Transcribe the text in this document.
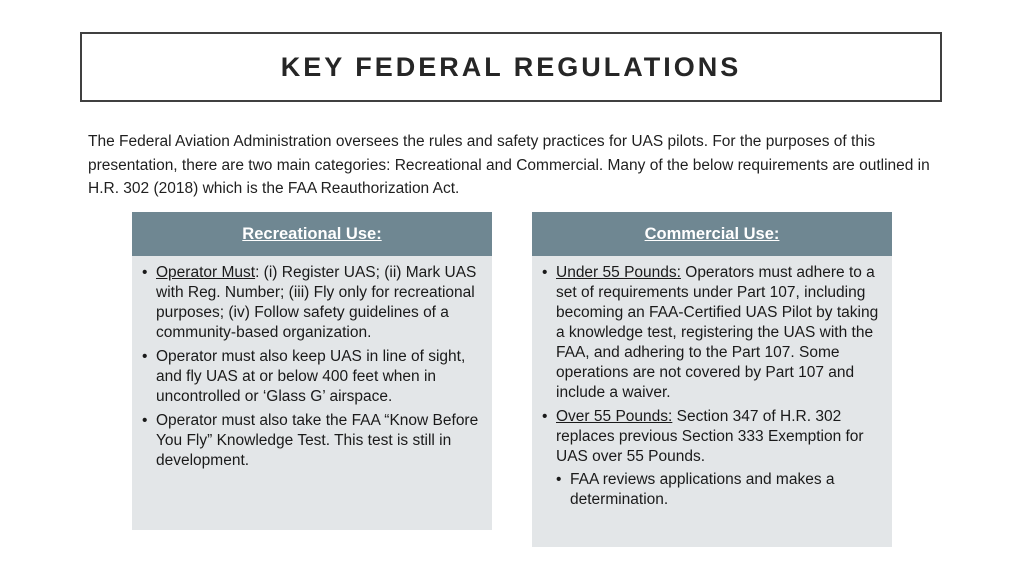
KEY FEDERAL REGULATIONS
The Federal Aviation Administration oversees the rules and safety practices for UAS pilots. For the purposes of this presentation, there are two main categories: Recreational and Commercial. Many of the below requirements are outlined in H.R. 302 (2018) which is the FAA Reauthorization Act.
Recreational Use:
• Operator Must: (i) Register UAS; (ii) Mark UAS with Reg. Number; (iii) Fly only for recreational purposes; (iv) Follow safety guidelines of a community-based organization.
• Operator must also keep UAS in line of sight, and fly UAS at or below 400 feet when in uncontrolled or ‘Glass G’ airspace.
• Operator must also take the FAA “Know Before You Fly” Knowledge Test. This test is still in development.
Commercial Use:
• Under 55 Pounds: Operators must adhere to a set of requirements under Part 107, including becoming an FAA-Certified UAS Pilot by taking a knowledge test, registering the UAS with the FAA, and adhering to the Part 107. Some operations are not covered by Part 107 and include a waiver.
• Over 55 Pounds: Section 347 of H.R. 302 replaces previous Section 333 Exemption for UAS over 55 Pounds.
• FAA reviews applications and makes a determination.
